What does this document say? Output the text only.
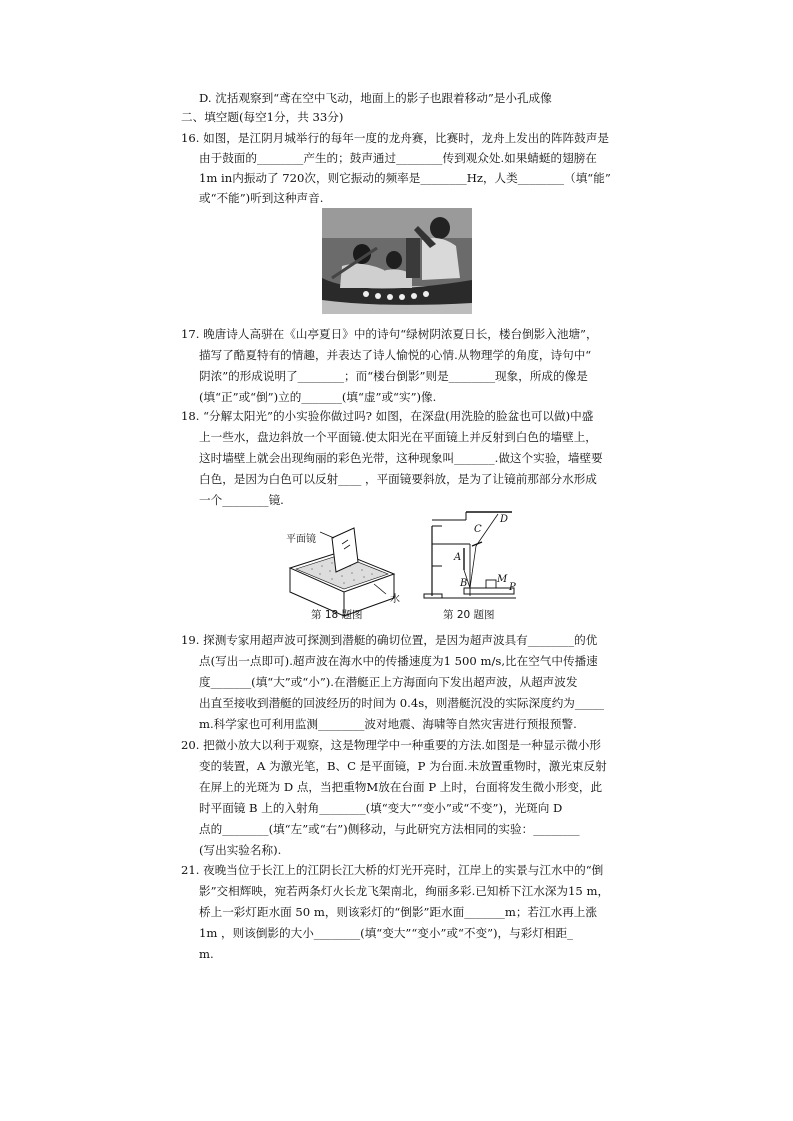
D. 沈括观察到“鸢在空中飞动，地面上的影子也跟着移动”是小孔成像
二、填空题(每空1分，共 33分)
16. 如图，是江阴月城举行的每年一度的龙舟赛，比赛时，龙舟上发出的阵阵鼓声是
由于鼓面的________产生的；鼓声通过________传到观众处.如果蜻蜓的翅膀在
1m in内振动了 720次，则它振动的频率是________Hz，人类________（填“能”
或“不能”)听到这种声音.
17. 晚唐诗人高骈在《山亭夏日》中的诗句“绿树阴浓夏日长，楼台倒影入池塘”，
描写了酷夏特有的情趣，并表达了诗人愉悦的心情.从物理学的角度，诗句中“
阴浓”的形成说明了________；而“楼台倒影”则是________现象，所成的像是
(填“正”或“倒”)立的_______(填“虚”或“实”)像.
18. “分解太阳光”的小实验你做过吗? 如图，在深盘(用洗脸的脸盆也可以做)中盛
上一些水，盘边斜放一个平面镜.使太阳光在平面镜上并反射到白色的墙壁上，
这时墙壁上就会出现绚丽的彩色光带，这种现象叫_______.做这个实验，墙壁要
白色，是因为白色可以反射____ ，平面镜要斜放，是为了让镜前那部分水形成
一个________镜.
19. 探测专家用超声波可探测到潜艇的确切位置，是因为超声波具有________的优
点(写出一点即可).超声波在海水中的传播速度为1 500 m/s,比在空气中传播速
度_______(填“大”或“小”).在潜艇正上方海面向下发出超声波，从超声波发
出直至接收到潜艇的回波经历的时间为 0.4s，则潜艇沉没的实际深度约为_____
m.科学家也可利用监测________波对地震、海啸等自然灾害进行预报预警.
20. 把微小放大以利于观察，这是物理学中一种重要的方法.如图是一种显示微小形
变的装置，A 为激光笔，B、C 是平面镜，P 为台面.未放置重物时，激光束反射
在屏上的光斑为 D 点，当把重物M放在台面 P 上时，台面将发生微小形变，此
时平面镜 B 上的入射角________(填“变大”“变小”或“不变”)，光斑向 D
点的________(填“左”或“右”)侧移动，与此研究方法相同的实验：________
(写出实验名称).
21. 夜晚当位于长江上的江阴长江大桥的灯光开亮时，江岸上的实景与江水中的“倒
影”交相辉映，宛若两条灯火长龙飞架南北，绚丽多彩.已知桥下江水深为15 m，
桥上一彩灯距水面 50 m，则该彩灯的“倒影”距水面_______m；若江水再上涨
1m ，则该倒影的大小________(填“变大”“变小”或“不变”)，与彩灯相距_
m.
平面镜
水
第 18 题图
A
B
C
D
M
P
第 20 题图
